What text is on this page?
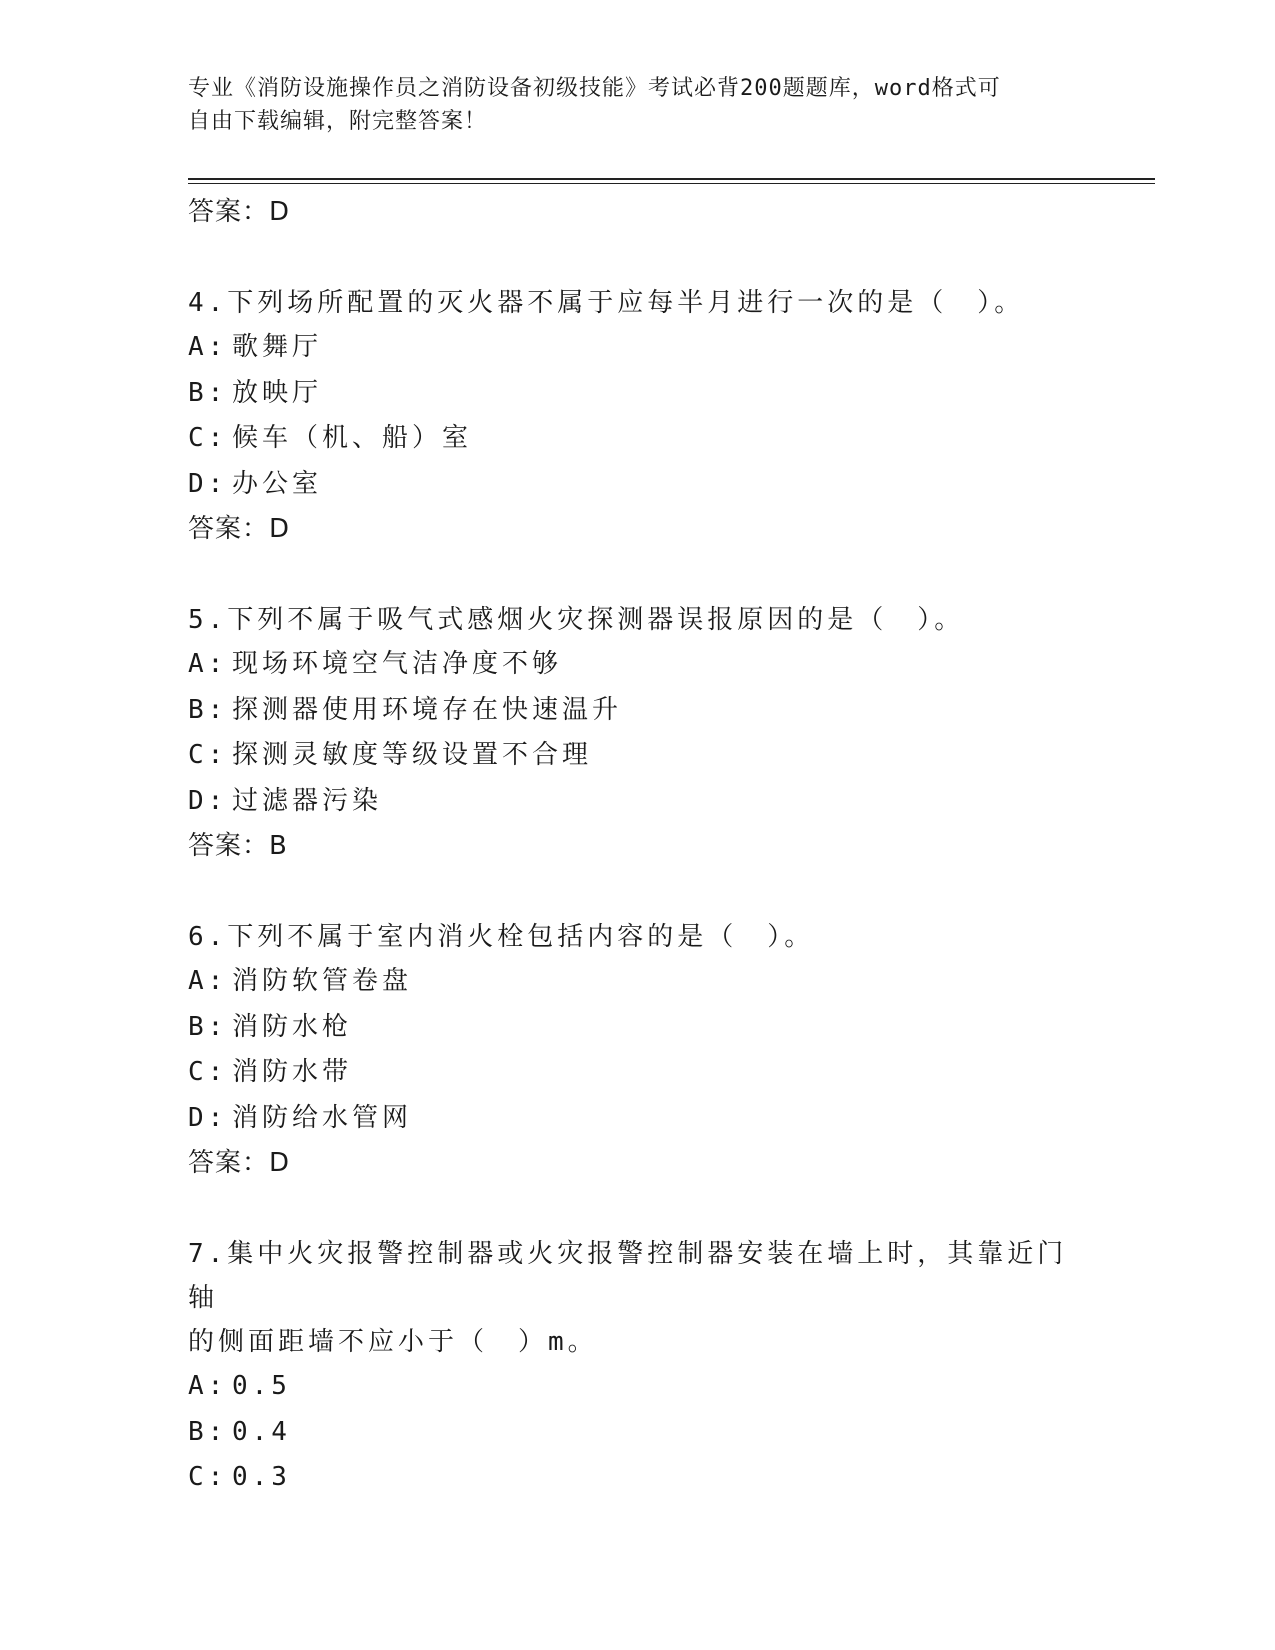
专业《消防设施操作员之消防设备初级技能》考试必背200题题库，word格式可
自由下载编辑，附完整答案！
答案：D
4.下列场所配置的灭火器不属于应每半月进行一次的是（　）。
A: 歌舞厅
B: 放映厅
C: 候车（机、船）室
D: 办公室
答案：D
5.下列不属于吸气式感烟火灾探测器误报原因的是（　）。
A: 现场环境空气洁净度不够
B: 探测器使用环境存在快速温升
C: 探测灵敏度等级设置不合理
D: 过滤器污染
答案：B
6.下列不属于室内消火栓包括内容的是（　）。
A: 消防软管卷盘
B: 消防水枪
C: 消防水带
D: 消防给水管网
答案：D
7.集中火灾报警控制器或火灾报警控制器安装在墙上时，其靠近门轴
的侧面距墙不应小于（　）m。
A: 0.5
B: 0.4
C: 0.3
